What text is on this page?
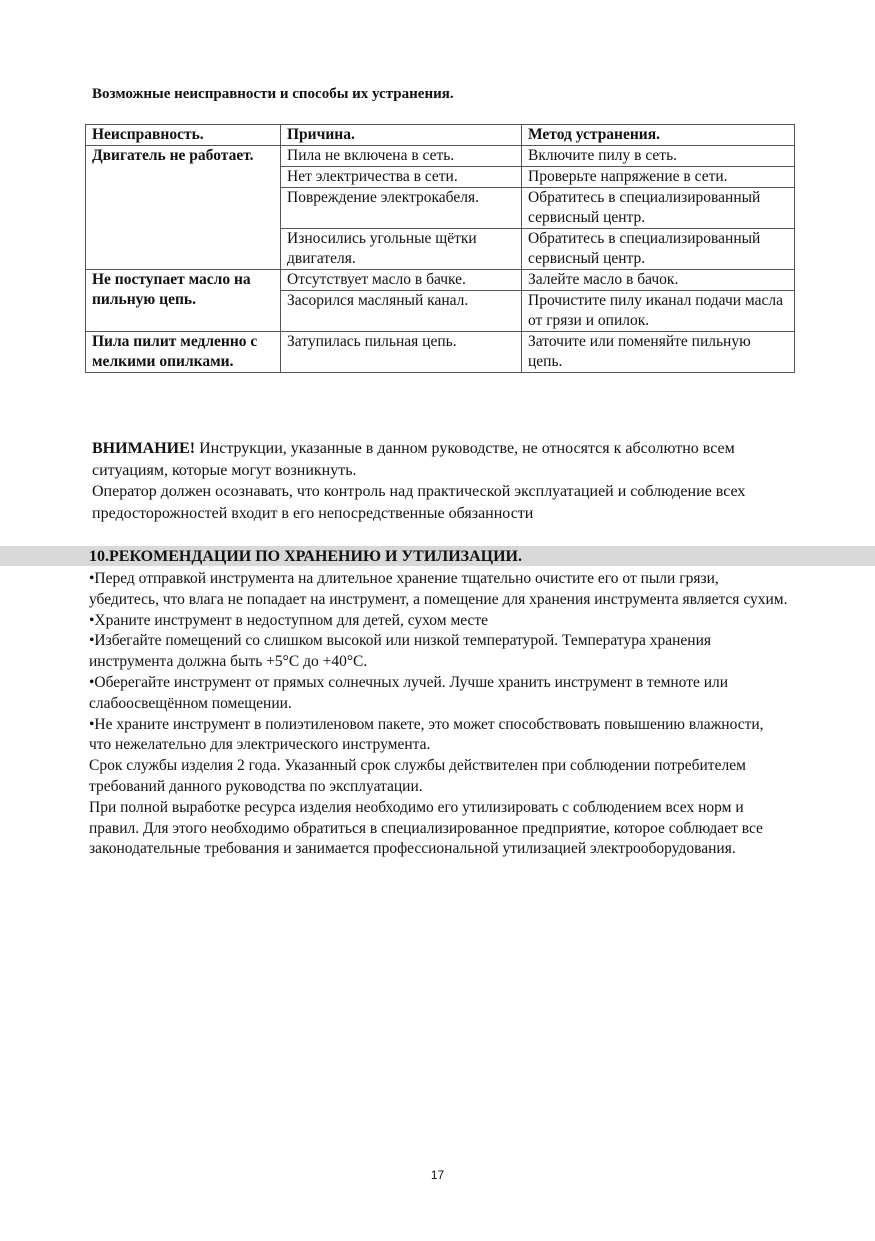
Возможные неисправности и способы их устранения.
Неисправность.	Причина.	Метод устранения.
Двигатель не работает.	Пила не включена в сеть.	Включите пилу в сеть.
	Нет электричества в сети.	Проверьте напряжение в сети.
	Повреждение электрокабеля.	Обратитесь в специализированный сервисный центр.
	Износились угольные щётки двигателя.	Обратитесь в специализированный сервисный центр.
Не поступает масло на пильную цепь.	Отсутствует масло в бачке.	Залейте масло в бачок.
	Засорился масляный канал.	Прочистите пилу иканал подачи масла от грязи и опилок.
Пила пилит медленно с мелкими опилками.	Затупилась пильная цепь.	Заточите или поменяйте пильную цепь.
ВНИМАНИЕ! Инструкции, указанные в данном руководстве, не относятся к абсолютно всем ситуациям, которые могут возникнуть.
Оператор должен осознавать, что контроль над практической эксплуатацией и соблюдение всех предосторожностей входит в его непосредственные обязанности
10.РЕКОМЕНДАЦИИ ПО ХРАНЕНИЮ И УТИЛИЗАЦИИ.

•Перед отправкой инструмента на длительное хранение тщательно очистите его от пыли грязи, убедитесь, что влага не попадает на инструмент, а помещение для хранения инструмента является сухим.

•Храните инструмент в недоступном для детей, сухом месте

•Избегайте помещений со слишком высокой или низкой температурой. Температура хранения инструмента должна быть +5°C до +40°C.

•Оберегайте инструмент от прямых солнечных лучей. Лучше хранить инструмент в темноте или слабоосвещённом помещении.

•Не храните инструмент в полиэтиленовом пакете, это может способствовать повышению влажности, что нежелательно для электрического инструмента.

Срок службы изделия 2 года. Указанный срок службы действителен при соблюдении потребителем требований данного руководства по эксплуатации.

При полной выработке ресурса изделия необходимо его утилизировать с соблюдением всех норм и правил. Для этого необходимо обратиться в специализированное предприятие, которое соблюдает все законодательные требования и занимается профессиональной утилизацией электрооборудования.

17
